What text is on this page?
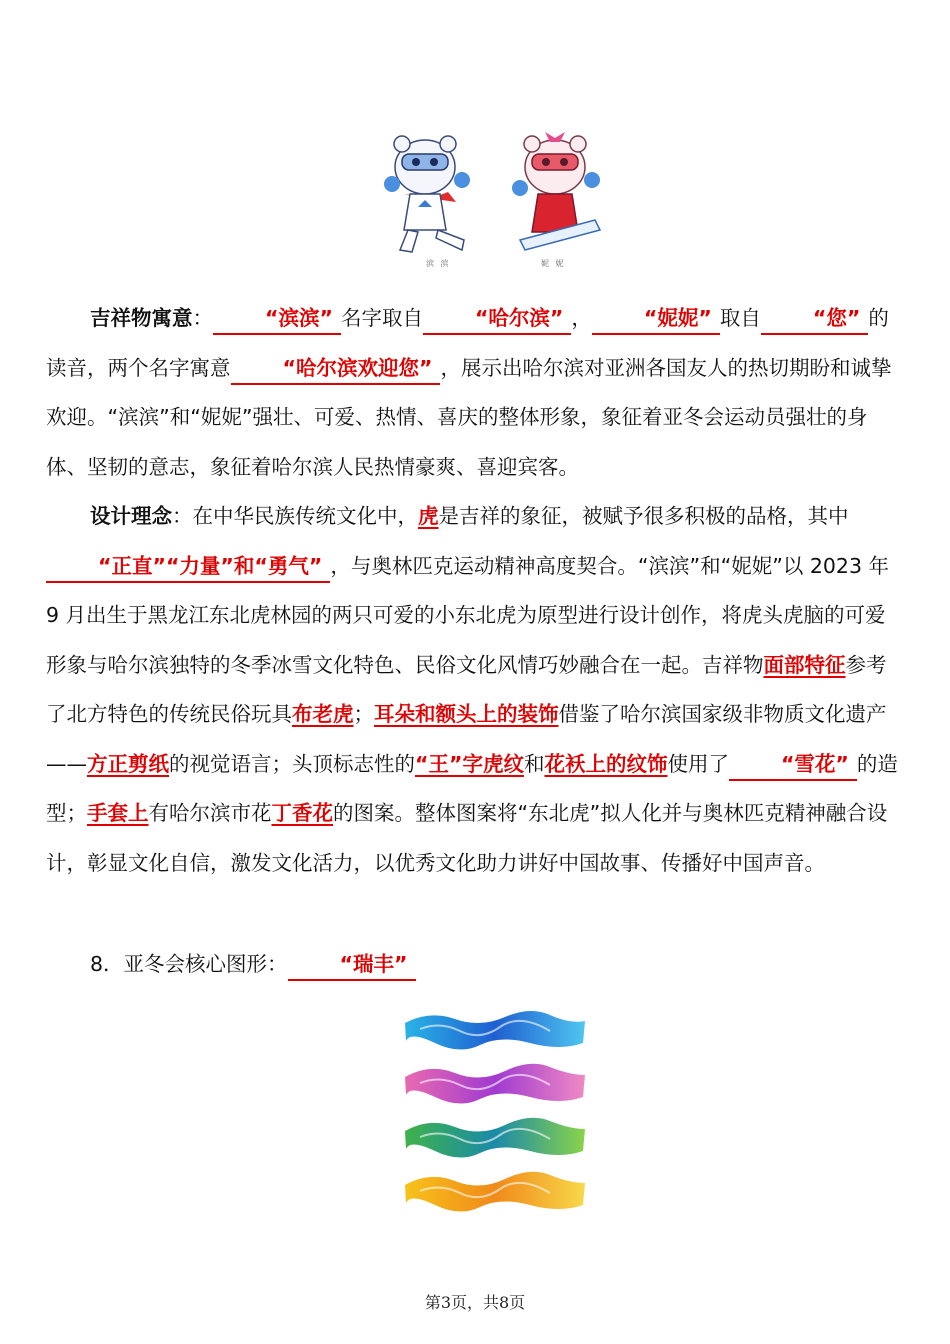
滨 滨	妮 妮

吉祥物寓意：	“滨滨” 名字取自	“哈尔滨” ，	“妮妮” 取自	“您” 的读音，两个名字寓意	“哈尔滨欢迎您” ，展示出哈尔滨对亚洲各国友人的热切期盼和诚挚欢迎。“滨滨”和“妮妮”强壮、可爱、热情、喜庆的整体形象，象征着亚冬会运动员强壮的身体、坚韧的意志，象征着哈尔滨人民热情豪爽、喜迎宾客。

设计理念：在中华民族传统文化中，虎是吉祥的象征，被赋予很多积极的品格，其中“正直”“力量”和“勇气” ，与奥林匹克运动精神高度契合。“滨滨”和“妮妮”以 2023 年 9 月出生于黑龙江东北虎林园的两只可爱的小东北虎为原型进行设计创作，将虎头虎脑的可爱形象与哈尔滨独特的冬季冰雪文化特色、民俗文化风情巧妙融合在一起。吉祥物面部特征参考了北方特色的传统民俗玩具布老虎；耳朵和额头上的装饰借鉴了哈尔滨国家级非物质文化遗产——方正剪纸的视觉语言；头顶标志性的“王”字虎纹和花袄上的纹饰使用了	“雪花” 的造型；手套上有哈尔滨市花丁香花的图案。整体图案将“东北虎”拟人化并与奥林匹克精神融合设计，彰显文化自信，激发文化活力，以优秀文化助力讲好中国故事、传播好中国声音。

8．亚冬会核心图形：	“瑞丰”

第3页，共8页
